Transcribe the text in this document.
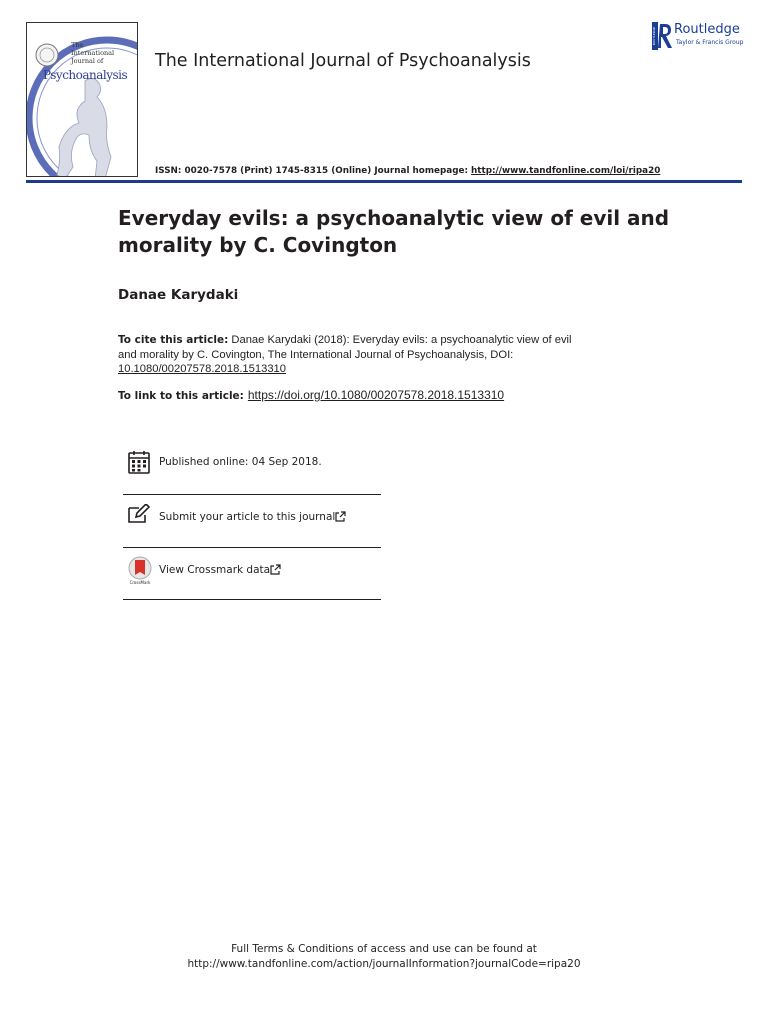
The
International
Journal of
Psychoanalysis
The International Journal of Psychoanalysis
ISSN: 0020-7578 (Print) 1745-8315 (Online) Journal homepage: http://www.tandfonline.com/loi/ripa20
ROUTLEDGE Routledge
Taylor & Francis Group
Everyday evils: a psychoanalytic view of evil and morality by C. Covington
Danae Karydaki
To cite this article: Danae Karydaki (2018): Everyday evils: a psychoanalytic view of evil and morality by C. Covington, The International Journal of Psychoanalysis, DOI: 10.1080/00207578.2018.1513310
To link to this article: https://doi.org/10.1080/00207578.2018.1513310
Published online: 04 Sep 2018.
Submit your article to this journal
CrossMark
View Crossmark data
Full Terms & Conditions of access and use can be found at
http://www.tandfonline.com/action/journalInformation?journalCode=ripa20
